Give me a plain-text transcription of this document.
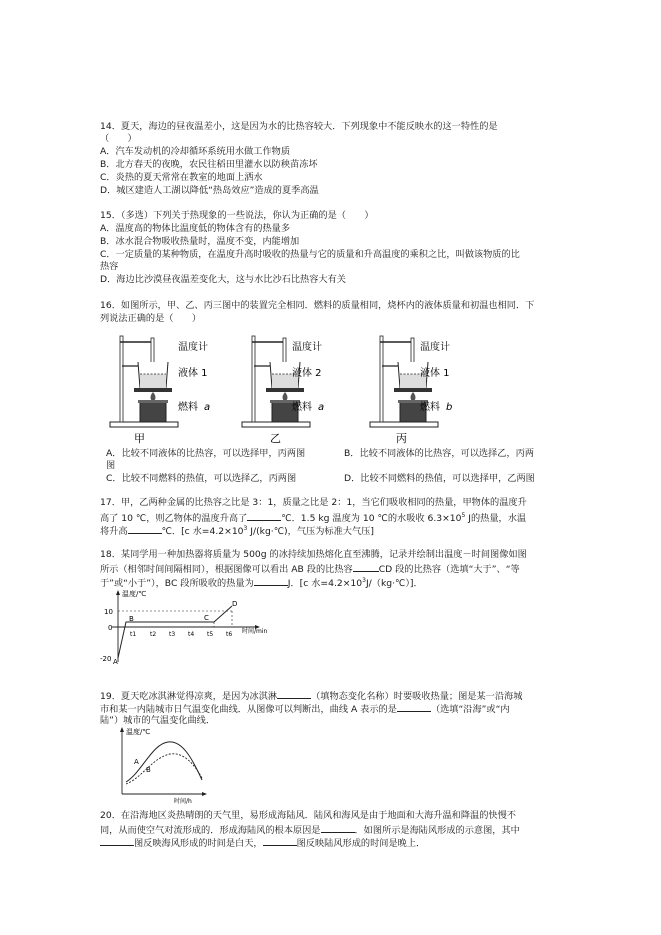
14．夏天，海边的昼夜温差小，这是因为水的比热容较大．下列现象中不能反映水的这一特性的是
（　　）
A．汽车发动机的冷却循环系统用水做工作物质
B．北方春天的夜晚，农民往稻田里灌水以防秧苗冻坏
C．炎热的夏天常常在教室的地面上洒水
D．城区建造人工湖以降低“热岛效应”造成的夏季高温
15．（多选）下列关于热现象的一些说法，你认为正确的是（　　）
A．温度高的物体比温度低的物体含有的热量多
B．冰水混合物吸收热量时，温度不变，内能增加
C．一定质量的某种物质，在温度升高时吸收的热量与它的质量和升高温度的乘积之比，叫做该物质的比
热容
D．海边比沙漠昼夜温差变化大，这与水比沙石比热容大有关
16．如图所示，甲、乙、丙三图中的装置完全相同．燃料的质量相同，烧杯内的液体质量和初温也相同．下
列说法正确的是（　　）
温度计
液体 1
燃料 a
甲
温度计
液体 2
燃料 a
乙
温度计
液体 1
燃料 b
丙
A．比较不同液体的比热容，可以选择甲，丙两图	B．比较不同液体的比热容，可以选择乙，丙两
图
C．比较不同燃料的热值，可以选择乙，丙两图	D．比较不同燃料的热值，可以选择甲，乙两图
17．甲，乙两种金属的比热容之比是 3：1，质量之比是 2：1，当它们吸收相同的热量，甲物体的温度升
高了 10 ℃，则乙物体的温度升高了	℃．1.5 kg 温度为 10 ℃的水吸收 $6.3\times 10^5$ J的热量，水温
将升高	℃．[c 水$=4.2\times 10^3$ J/(kg·℃)，气压为标准大气压]
18．某同学用一种加热器将质量为 500g 的冰持续加热熔化直至沸腾，记录并绘制出温度－时间图像如图
所示（相邻时间间隔相同），根据图像可以看出 AB 段的比热容	CD 段的比热容（选填“大于”、“等
于”或“小于”），BC 段所吸收的热量为	J．[c 水$=4.2\times 10^3J/(kg\cdot℃)$]．
温度/℃
时间/min
10
0
-20 A
B	C
D
t1 t2 t3 t4 t5 t6
19．夏天吃冰淇淋觉得凉爽，是因为冰淇淋	（填物态变化名称）时要吸收热量；图是某一沿海城
市和某一内陆城市日气温变化曲线．从图像可以判断出，曲线 A 表示的是	（选填“沿海”或“内
陆”）城市的气温变化曲线．
温度/℃
时间/h
A
B
20．在沿海地区炎热晴朗的天气里，易形成海陆风．陆风和海风是由于地面和大海升温和降温的快慢不
同，从而使空气对流形成的．形成海陆风的根本原因是	．如图所示是海陆风形成的示意图，其中
图反映海风形成的时间是白天，	图反映陆风形成的时间是晚上．
